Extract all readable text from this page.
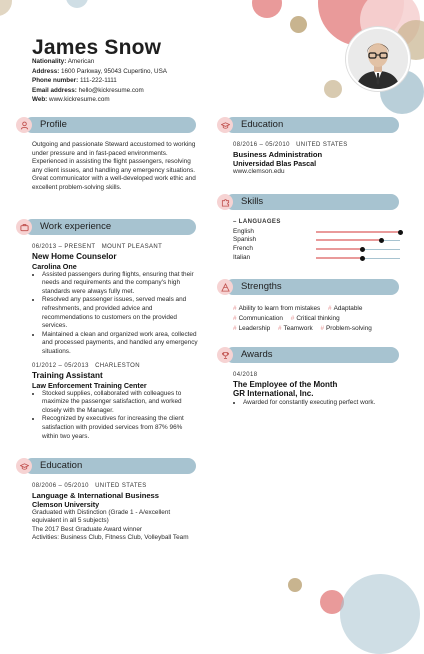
James Snow
Nationality: American
Address: 1600 Parkway, 95043 Cupertino, USA
Phone number: 111-222-1111
Email address: hello@kickresume.com
Web: www.kickresume.com
Profile
Outgoing and passionate Steward accustomed to working under pressure and in fast-paced environments. Experienced in assisting the flight passengers, resolving any client issues, and handling any emergency situations. Great communicator with a well-developed work ethic and excellent problem-solving skills.
Work experience
06/2013 – PRESENT MOUNT PLEASANT
New Home Counselor
Carolina One
• Assisted passengers during flights, ensuring that their needs and requirements and the company's high standards were always fully met.
• Resolved any passenger issues, served meals and refreshments, and provided advice and recommendations to customers on the provided services.
• Maintained a clean and organized work area, collected and processed payments, and handled any emergency situations.
01/2012 – 05/2013 CHARLESTON
Training Assistant
Law Enforcement Training Center
• Stocked supplies, collaborated with colleagues to maximize the passenger satisfaction, and worked closely with the Manager.
• Recognized by executives for increasing the client satisfaction with provided services from 87% 96% within two years.
Education
08/2006 – 05/2010 UNITED STATES
Language & International Business
Clemson University
Graduated with Distinction (Grade 1 - A/excellent equivalent in all 5 subjects)
The 2017 Best Graduate Award winner
Activities: Business Club, Fitness Club, Volleyball Team
Education
08/2016 – 05/2010 UNITED STATES
Business Administration
Universidad Blas Pascal
www.clemson.edu
Skills
– LANGUAGES
English
Spanish
French
Italian
Strengths
# Ability to learn from mistakes # Adaptable
# Communication # Critical thinking
# Leadership # Teamwork # Problem-solving
Awards
04/2018
The Employee of the Month
GR International, Inc.
• Awarded for constantly executing perfect work.
